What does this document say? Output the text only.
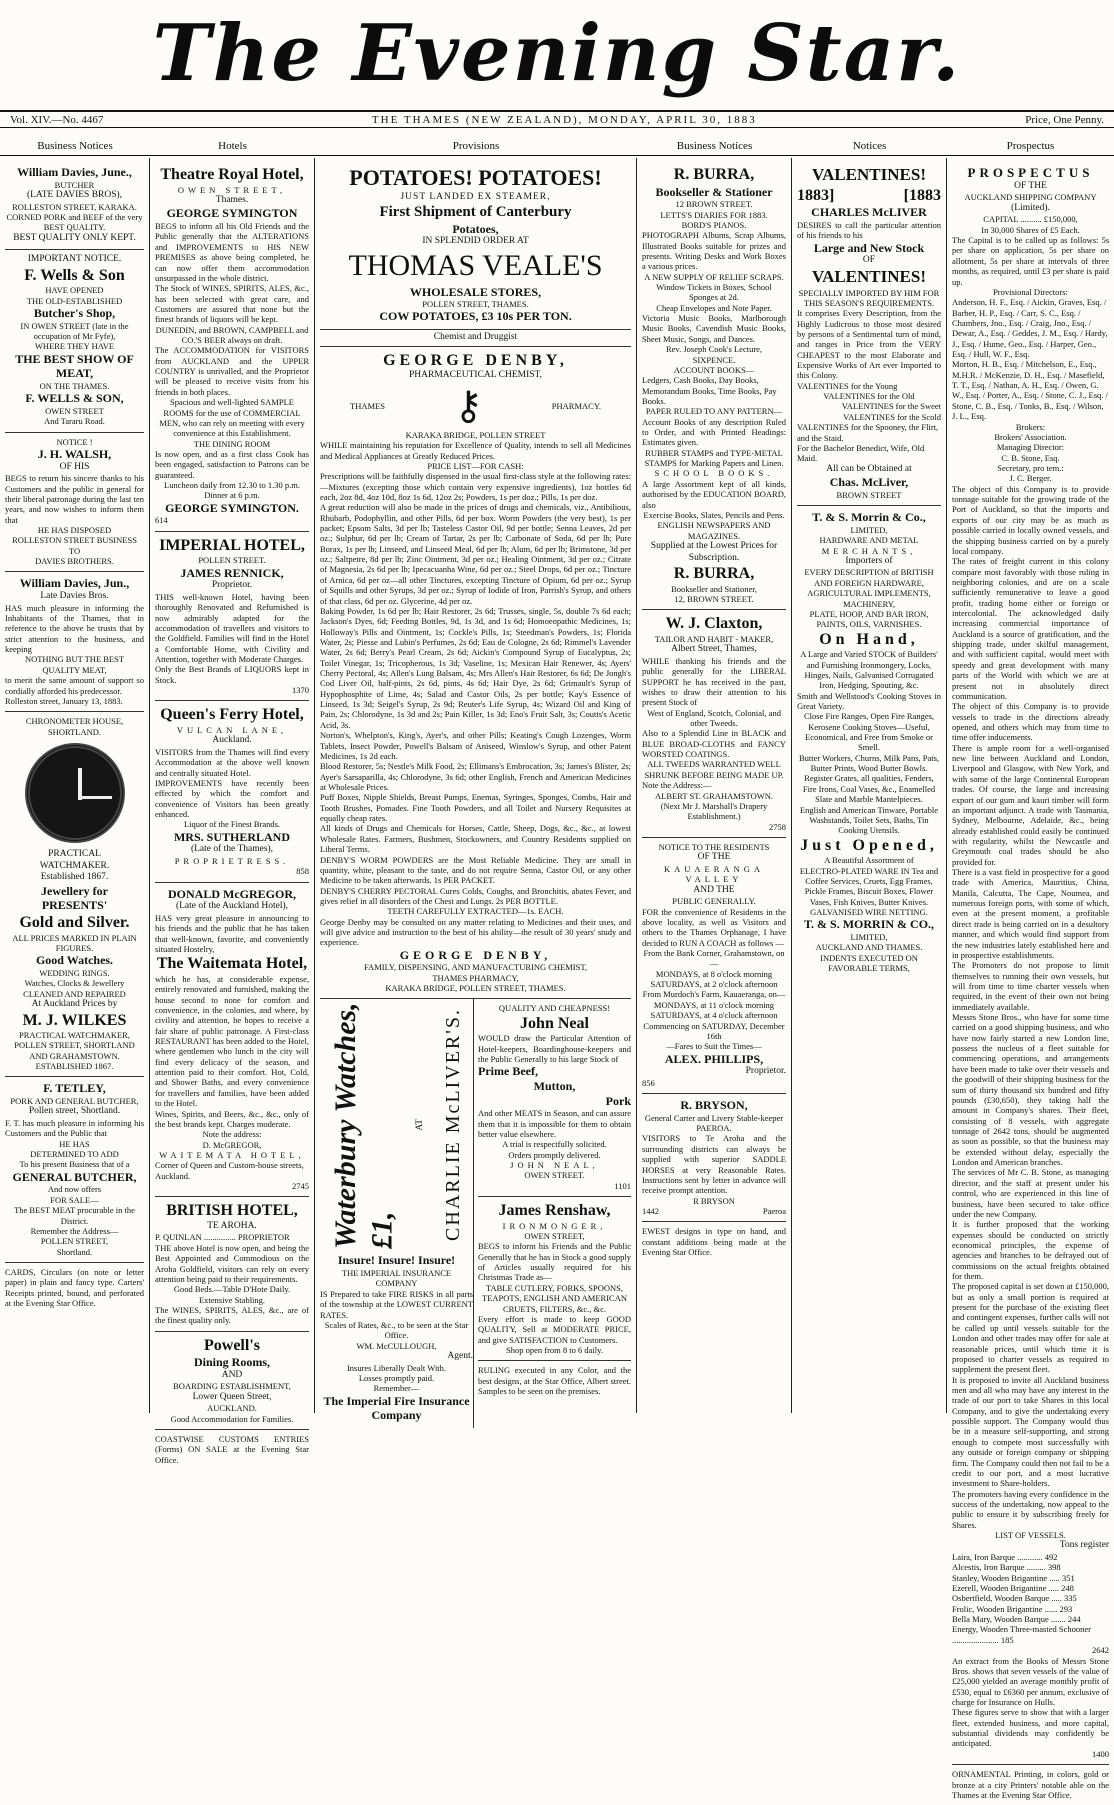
The Evening Star.
Vol. XIV.—No. 4467	THE THAMES (NEW ZEALAND), MONDAY, APRIL 30, 1883	Price, One Penny.
Business Notices	Hotels	Provisions	Business Notices	Notices	Prospectus
William Davies, June.,
BUTCHER
(LATE DAVIES BROS),
ROLLESTON STREET, KARAKA.
CORNED PORK and BEEF of the very BEST QUALITY.
BEST QUALITY ONLY KEPT.
IMPORTANT NOTICE.
F. Wells & Son
HAVE OPENED
THE OLD-ESTABLISHED
Butcher's Shop,
IN OWEN STREET (late in the occupation of Mr Fyfe),
WHERE THEY HAVE
THE BEST SHOW OF
MEAT,
ON THE THAMES.
F. WELLS & SON,
OWEN STREET
And Tararu Road.
NOTICE !
J. H. WALSH,
OF HIS
BEGS to return his sincere thanks to his Customers and the public in general for their liberal patronage during the last ten years, and now wishes to inform them that
HE HAS DISPOSED
ROLLESTON STREET BUSINESS
TO
DAVIES BROTHERS.
William Davies, Jun.,
Late Davies Bros.
HAS much pleasure in informing the Inhabitants of the Thames, that in reference to the above he trusts that by strict attention to the business, and keeping
NOTHING BUT THE BEST
QUALITY MEAT,
to merit the same amount of support so cordially afforded his predecessor.
Rolleston street, January 13, 1883.
CHRONOMETER HOUSE,
SHORTLAND.
PRACTICAL
WATCHMAKER.
Established 1867.
Jewellery for
PRESENTS'
Gold and Silver.
ALL PRICES MARKED IN PLAIN FIGURES.
Good Watches.
WEDDING RINGS.
Watches, Clocks & Jewellery
CLEANED AND REPAIRED
At Auckland Prices by
M. J. WILKES
PRACTICAL WATCHMAKER,
POLLEN STREET, SHORTLAND AND GRAHAMSTOWN.
ESTABLISHED 1867.
F. TETLEY,
PORK AND GENERAL BUTCHER,
Pollen street, Shortland.
F. T. has much pleasure in informing his Customers and the Public that
HE HAS
DETERMINED TO ADD
To his present Business that of a
GENERAL BUTCHER,
And now offers
FOR SALE—
The BEST MEAT procurable in the District.
Remember the Address—
POLLEN STREET,
Shortland.
CARDS, Circulars (on note or letter paper) in plain and fancy type. Carters' Receipts printed, bound, and perforated at the Evening Star Office.
Theatre Royal Hotel,
OWEN STREET,
Thames.
GEORGE SYMINGTON
BEGS to inform all his Old Friends and the Public generally that the ALTERATIONS and IMPROVEMENTS to HIS NEW PREMISES as above being completed, he can now offer them accommodation unsurpassed in the whole district.
The Stock of WINES, SPIRITS, ALES, &c., has been selected with great care, and Customers are assured that none but the finest brands of liquors will be kept.
DUNEDIN, and BROWN, CAMPBELL and CO.'S BEER always on draft.
The ACCOMMODATION for VISITORS from AUCKLAND and the UPPER COUNTRY is unrivalled, and the Proprietor will be pleased to receive visits from his friends in both places.
Spacious and well-lighted SAMPLE ROOMS for the use of COMMERCIAL MEN, who can rely on meeting with every convenience at this Establishment.
THE DINING ROOM
Is now open, and as a first class Cook has been engaged, satisfaction to Patrons can be guaranteed.
Luncheon daily from 12.30 to 1.30 p.m. Dinner at 6 p.m.
GEORGE SYMINGTON.
614
IMPERIAL HOTEL,
POLLEN STREET.
JAMES RENNICK,
Proprietor.
THIS well-known Hotel, having been thoroughly Renovated and Refurnished is now admirably adapted for the accommodation of travellers and visitors to the Goldfield. Families will find in the Hotel a Comfortable Home, with Civility and Attention, together with Moderate Charges.
Only the Best Brands of LIQUORS kept in Stock.
1370
Queen's Ferry Hotel,
VULCAN LANE,
Auckland.
VISITORS from the Thames will find every Accommodation at the above well known and centrally situated Hotel.
IMPROVEMENTS have recently been effected by which the comfort and convenience of Visitors has been greatly enhanced.
Liquor of the Finest Brands.
MRS. SUTHERLAND
(Late of the Thames),
PROPRIETRESS.
858
DONALD McGREGOR,
(Late of the Auckland Hotel),
HAS very great pleasure in announcing to his friends and the public that he has taken that well-known, favorite, and conveniently situated Hostelry,
The Waitemata Hotel,
which he has, at considerable expense, entirely renovated and furnished, making the house second to none for comfort and convenience, in the colonies, and where, by civility and attention, he hopes to receive a fair share of public patronage. A First-class RESTAURANT has been added to the Hotel, where gentlemen who lunch in the city will find every delicacy of the season, and attention paid to their comfort. Hot, Cold, and Shower Baths, and every convenience for travellers and families, have been added to the Hotel.
Wines, Spirits, and Beers, &c., &c., only of the best brands kept. Charges moderate.
Note the address:
D. McGREGOR,
WAITEMATA HOTEL,
Corner of Queen and Custom-house streets, Auckland.
2745
BRITISH HOTEL,
TE AROHA.
P. QUINLAN ............... PROPRIETOR
THE above Hotel is now open, and being the Best Appointed and Commodious on the Aroha Goldfield, visitors can rely on every attention being paid to their requirements.
Good Beds.—Table D'Hote Daily.
Extensive Stabling.
The WINES, SPIRITS, ALES, &c., are of the finest quality only.
Powell's
Dining Rooms,
AND
BOARDING ESTABLISHMENT,
Lower Queen Street,
AUCKLAND.
Good Accommodation for Families.
COASTWISE CUSTOMS ENTRIES (Forms) ON SALE at the Evening Star Office.
POTATOES! POTATOES!
JUST LANDED EX STEAMER,
First Shipment of Canterbury
Potatoes,
IN SPLENDID ORDER AT
THOMAS VEALE'S
WHOLESALE STORES,
POLLEN STREET, THAMES.
COW POTATOES, £3 10s PER TON.
Chemist and Druggist
GEORGE DENBY,
PHARMACEUTICAL CHEMIST,
THAMES ⚷	PHARMACY.
KARAKA BRIDGE, POLLEN STREET
WHILE maintaining his reputation for Excellence of Quality, intends to sell all Medicines and Medical Appliances at Greatly Reduced Prices.
PRICE LIST—FOR CASH:
Prescriptions will be faithfully dispensed in the usual first-class style at the following rates:—Mixtures (excepting those which contain very expensive ingredients), 1oz bottles 6d each, 2oz 8d, 4oz 10d, 8oz 1s 6d, 12oz 2s; Powders, 1s per doz.; Pills, 1s per doz.
A great reduction will also be made in the prices of drugs and chemicals, viz., Antibilious, Rhubarb, Podophyllin, and other Pills, 6d per box. Worm Powders (the very best), 1s per packet; Epsom Salts, 3d per lb; Tasteless Castor Oil, 9d per bottle; Senna Leaves, 2d per oz.; Sulphur, 6d per lb; Cream of Tartar, 2s per lb; Carbonate of Soda, 6d per lb; Pure Borax, 1s per lb; Linseed, and Linseed Meal, 6d per lb; Alum, 6d per lb; Brimstone, 3d per oz.; Saltpetre, 8d per lb; Zinc Ointment, 3d per oz.; Healing Ointment, 3d per oz.; Citrate of Magnesia, 2s 6d per lb; Ipecacuanha Wine, 6d per oz.; Steel Drops, 6d per oz.; Tincture of Arnica, 6d per oz—all other Tinctures, excepting Tincture of Opium, 6d per oz.; Syrup of Squills and other Syrups, 3d per oz.; Syrup of Iodide of Iron, Parrish's Syrup, and others of that class, 6d per oz. Glycerine, 4d per oz.
Baking Powder, 1s 6d per lb; Hair Restorer, 2s 6d; Trusses, single, 5s, double 7s 6d each; Jackson's Dyes, 6d; Feeding Bottles, 9d, 1s 3d, and 1s 6d; Homoeopathic Medicines, 1s; Holloway's Pills and Ointment, 1s; Cockle's Pills, 1s; Steedman's Powders, 1s; Florida Water, 2s; Piesse and Lubin's Perfumes, 2s 6d; Eau de Cologne, 2s 6d; Rimmel's Lavender Water, 2s 6d; Berry's Pearl Cream, 2s 6d; Aickin's Compound Syrup of Eucalyptus, 2s; Toilet Vinegar, 1s; Tricopherous, 1s 3d; Vaseline, 1s; Mexican Hair Renewer, 4s; Ayers' Cherry Pectoral, 4s; Allen's Lung Balsam, 4s; Mrs Allen's Hair Restorer, 6s 6d; De Jongh's Cod Liver Oil, half-pints, 2s 6d, pints, 4s 6d; Hair Dye, 2s 6d; Grimault's Syrup of Hypophosphite of Lime, 4s; Salad and Castor Oils, 2s per bottle; Kay's Essence of Linseed, 1s 3d; Seigel's Syrup, 2s 9d; Reuter's Life Syrup, 4s; Wizard Oil and King of Pain, 2s; Chlorodyne, 1s 3d and 2s; Pain Killer, 1s 3d; Eno's Fruit Salt, 3s; Coutts's Acetic Acid, 3s.
Norton's, Whelpton's, King's, Ayer's, and other Pills; Keating's Cough Lozenges, Worm Tablets, Insect Powder, Powell's Balsam of Aniseed, Winslow's Syrup, and other Patent Medicines, 1s 2d each.
Blood Restorer, 5s; Nestle's Milk Food, 2s; Ellimans's Embrocation, 3s; James's Blister, 2s; Ayer's Sarsaparilla, 4s; Chlorodyne, 3s 6d; other English, French and American Medicines at Wholesale Prices.
Puff Boxes, Nipple Shields, Breast Pumps, Enemas, Syringes, Sponges, Combs, Hair and Tooth Brushes, Pomades. Fine Tooth Powders, and all Toilet and Nursery Requisites at equally cheap rates.
All kinds of Drugs and Chemicals for Horses, Cattle, Sheep, Dogs, &c., &c., at lowest Wholesale Rates. Farmers, Bushmen, Stockowners, and Country Residents supplied on Liberal Terms.
DENBY'S WORM POWDERS are the Most Reliable Medicine. They are small in quantity, white, pleasant to the taste, and do not require Senna, Castor Oil, or any other Medicine to be taken afterwards. 1s PER PACKET.
DENBY'S CHERRY PECTORAL Cures Colds, Coughs, and Bronchitis, abates Fever, and gives relief in all disorders of the Chest and Lungs. 2s PER BOTTLE.
TEETH CAREFULLY EXTRACTED—1s. EACH.
George Denby may be consulted on any matter relating to Medicines and their uses, and will give advice and instruction to the best of his ability—the result of 30 years' study and experience.
GEORGE DENBY,
FAMILY, DISPENSING, AND MANUFACTURING CHEMIST,
THAMES PHARMACY,
KARAKA BRIDGE, POLLEN STREET, THAMES.
Waterbury Watches, £1,
AT CHARLIE McLIVER'S.
Insure! Insure! Insure!
THE IMPERIAL INSURANCE COMPANY
IS Prepared to take FIRE RISKS in all parts of the township at the LOWEST CURRENT RATES.
Scales of Rates, &c., to be seen at the Star Office.
WM. McCULLOUGH,
Agent.
Insures Liberally Dealt With.
Losses promptly paid.
Remember—
The Imperial Fire Insurance Company
QUALITY AND CHEAPNESS!
John Neal
WOULD draw the Particular Attention of Hotel-keepers, Boardinghouse-keepers and the Public Generally to his large Stock of
Prime Beef,
Mutton,
Pork
And other MEATS in Season, and can assure them that it is impossible for them to obtain better value elsewhere.
A trial is respectfully solicited.
Orders promptly delivered.
JOHN NEAL,
OWEN STREET.
1101
James Renshaw,
IRONMONGER,
OWEN STREET,
BEGS to inform his Friends and the Public Generally that he has in Stock a good supply of Articles usually required for his Christmas Trade as—
TABLE CUTLERY, FORKS, SPOONS, TEAPOTS, ENGLISH AND AMERICAN CRUETS, FILTERS, &c., &c.
Every effort is made to keep GOOD QUALITY, Sell at MODERATE PRICE, and give SATISFACTION to Customers.
Shop open from 8 to 6 daily.
RULING executed in any Color, and the best designs, at the Star Office, Albert street. Samples to be seen on the premises.
R. BURRA,
Bookseller & Stationer
12 BROWN STREET.
LETTS'S DIARIES FOR 1883.
BORD'S PIANOS.
PHOTOGRAPH Albums, Scrap Albums, Illustrated Books suitable for prizes and presents. Writing Desks and Work Boxes a various prices.
A NEW SUPPLY OF RELIEF SCRAPS.
Window Tickets in Boxes, School Sponges at 2d.
Cheap Envelopes and Note Paper.
Victoria Music Books, Marlborough Music Books, Cavendish Music Books, Sheet Music, Songs, and Dances.
Rev. Joseph Cook's Lecture,
SIXPENCE.
ACCOUNT BOOKS—
Ledgers, Cash Books, Day Books, Memorandum Books, Time Books, Pay Books.
PAPER RULED TO ANY PATTERN—
Account Books of any description Ruled to Order, and with Printed Headings: Estimates given.
RUBBER STAMPS and TYPE-METAL STAMPS for Marking Papers and Linen.
SCHOOL BOOKS.
A large Assortment kept of all kinds, authorised by the EDUCATION BOARD, also
Exercise Books, Slates, Pencils and Pens.
ENGLISH NEWSPAPERS AND MAGAZINES.
Supplied at the Lowest Prices for Subscription.
R. BURRA,
Bookseller and Stationer,
12, BROWN STREET.
W. J. Claxton,
TAILOR AND HABIT - MAKER,
Albert Street, Thames,
WHILE thanking his friends and the public generally for the LIBERAL SUPPORT he has received in the past, wishes to draw their attention to his present Stock of
West of England, Scotch, Colonial, and other Tweeds.
Also to a Splendid Line in BLACK and BLUE BROAD-CLOTHS and FANCY WORSTED COATINGS.
ALL TWEEDS WARRANTED WELL SHRUNK BEFORE BEING MADE UP.
Note the Address:—
ALBERT ST. GRAHAMSTOWN.
(Next Mr J. Marshall's Drapery Establishment.)
2758
NOTICE TO THE RESIDENTS
OF THE
KAUAERANGA VALLEY
AND THE
PUBLIC GENERALLY.
FOR the convenience of Residents in the above locality, as well as Visitors and others to the Thames Orphanage, I have decided to RUN A COACH as follows —
From the Bank Corner, Grahamstown, on—
MONDAYS, at 8 o'clock morning
SATURDAYS, at 2 o'clock afternoon
From Murdoch's Farm, Kauaeranga, on—
MONDAYS, at 11 o'clock morning
SATURDAYS, at 4 o'clock afternoon
Commencing on SATURDAY, December 16th
—Fares to Suit the Times—
ALEX. PHILLIPS,
Proprietor.
856
R. BRYSON,
General Carter and Livery Stable-keeper
PAEROA.
VISITORS to Te Aroha and the surrounding districts can always be supplied with superior SADDLE HORSES at very Reasonable Rates. Instructions sent by letter in advance will receive prompt attention.
R BRYSON
1442	Paeroa
EWEST designs in type on hand, and constant additions being made at the Evening Star Office.
VALENTINES!
1883]	[1883
CHARLES McLIVER
DESIRES to call the particular attention of his friends to his
Large and New Stock
OF
VALENTINES!
SPECIALLY IMPORTED BY HIM FOR THIS SEASON'S REQUIREMENTS.
It comprises Every Description, from the Highly Ludicrous to those most desired by persons of a Sentimental turn of mind, and ranges in Price from the VERY CHEAPEST to the most Elaborate and Expensive Works of Art ever Imported to this Colony.
VALENTINES for the Young
VALENTINES for the Old
VALENTINES for the Sweet
VALENTINES for the Scold
VALENTINES for the Spooney, the Flirt, and the Staid.
For the Bachelor Benedict, Wife, Old Maid.
All can be Obtained at
Chas. McLiver,
BROWN STREET
T. & S. Morrin & Co.,
LIMITED,
HARDWARE AND METAL
MERCHANTS,
Importers of
EVERY DESCRIPTION of BRITISH AND FOREIGN HARDWARE, AGRICULTURAL IMPLEMENTS, MACHINERY,
PLATE, HOOP, AND BAR IRON, PAINTS, OILS, VARNISHES.
On Hand,
A Large and Varied STOCK of Builders' and Furnishing Ironmongery, Locks, Hinges, Nails, Galvanised Corrugated Iron, Hedging, Spouting, &c.
Smith and Wellstood's Cooking Stoves in Great Variety.
Close Fire Ranges, Open Fire Ranges, Kerosene Cooking Stoves—Useful, Economical, and Free from Smoke or Smell.
Butter Workers, Churns, Milk Pans, Pats, Butter Prints, Wood Butter Bowls.
Register Grates, all qualities, Fenders, Fire Irons, Coal Vases, &c., Enamelled Slate and Marble Mantelpieces.
English and American Tinware, Portable Washstands, Toilet Sets, Baths, Tin Cooking Utensils.
Just Opened,
A Beautiful Assortment of
ELECTRO-PLATED WARE IN Tea and Coffee Services, Cruets, Egg Frames, Pickle Frames, Biscuit Boxes, Flower Vases, Fish Knives, Butter Knives.
GALVANISED WIRE NETTING.
T. & S. MORRIN & CO.,
LIMITED,
AUCKLAND AND THAMES.
INDENTS EXECUTED ON FAVORABLE TERMS,
PROSPECTUS
OF THE
AUCKLAND SHIPPING COMPANY
(Limited).
CAPITAL .......... £150,000,
In 30,000 Shares of £5 Each.
The Capital is to be called up as follows: 5s per share on application, 5s per share on allotment, 5s per share at intervals of three months, as required, until £3 per share is paid up.
Provisional Directors:
Anderson, H. F., Esq. / Aickin, Graves, Esq. / Barber, H. P., Esq. / Carr, S. C., Esq. / Chambers, Jno., Esq. / Craig, Jno., Esq. / Dewar, A., Esq. / Geddes, J. M., Esq. / Hardy, J., Esq. / Hume, Geo., Esq. / Harper, Geo., Esq. / Hull, W. F., Esq.
Morton, H. B., Esq. / Mitchelson, E., Esq., M.H.R. / McKenzie, D. H., Esq. / Masefield, T. T., Esq. / Nathan, A. H., Esq. / Owen, G. W., Esq. / Porter, A., Esq. / Stone, C. J., Esq. / Stone, C. B., Esq. / Tonks, B., Esq. / Wilson, J. L., Esq.
Brokers:
Brokers' Association.
Managing Director:
C. B. Stone, Esq.
Secretary, pro tem.:
J. C. Berger.
The object of this Company is to provide tonnage suitable for the growing trade of the Port of Auckland, so that the imports and exports of our city may be as much as possible carried in locally owned vessels, and the shipping business carried on by a purely local company.
The rates of freight current in this colony compare most favorably with those ruling in neighboring colonies, and are on a scale sufficiently remunerative to leave a good profit, trading home either or foreign or intercolonial. The acknowledged daily increasing commercial importance of Auckland is a source of gratification, and the shipping trade, under skilful management, and with sufficient capital, would meet with speedy and great development with many parts of the World with which we are at present not in absolutely direct communication.
The object of this Company is to provide vessels to trade in the directions already opened, and others which may from time to time offer inducements.
There is ample room for a well-organised new line between Auckland and London, Liverpool and Glasgow, with New York, and with some of the large Continental European trades. Of course, the large and increasing export of our gum and kauri timber will form an important adjunct. A trade with Tasmania, Sydney, Melbourne, Adelaide, &c., being already established could easily be continued with regularity, whilst the Newcastle and Greymouth coal trades should be also provided for.
There is a vast field in prospective for a good trade with America, Mauritius, China, Manila, Calcutta, The Cape, Noumea, and numerous foreign ports, with some of which, even at the present moment, a profitable direct trade is being carried on in a desultory manner, and which would find support from the new industries lately established here and in prospective establishments.
The Promoters do not propose to limit themselves to running their own vessels, but will from time to time charter vessels when required, in the event of their own not being immediately available.
Messrs Stone Bros., who have for some time carried on a good shipping business, and who have now fairly started a new London line, possess the nucleus of a fleet suitable for commencing operations, and arrangements have been made to take over their vessels and the goodwill of their shipping business for the sum of thirty thousand six hundred and fifty pounds (£30,650), they taking half the amount in Company's shares. Their fleet, consisting of 8 vessels, with aggregate tonnage of 2642 tons, should be augmented as soon as possible, so that the business may be extended without delay, especially the London and American branches.
The services of Mr C. B. Stone, as managing director, and the staff at present under his control, who are experienced in this line of business, have been secured to take office under the new Company.
It is further proposed that the working expenses should be conducted on strictly economical principles, the expense of agencies and branches to be defrayed out of commissions on the actual freights obtained for them.
The proposed capital is set down at £150,000, but as only a small portion is required at present for the purchase of the existing fleet and contingent expenses, further calls will not be called up until vessels suitable for the London and other trades may offer for sale at reasonable prices, until which time it is proposed to charter vessels as required to supplement the present fleet.
It is proposed to invite all Auckland business men and all who may have any interest in the trade of our port to take Shares in this local Company, and to give the undertaking every possible support. The Company would thus be in a measure self-supporting, and strong enough to compete most successfully with any outside or foreign company or shipping firm. The Company could then not fail to be a credit to our port, and a most lucrative investment to Share-holders.
The promoters having every confidence in the success of the undertaking, now appeal to the public to ensure it by subscribing freely for Shares.
LIST OF VESSELS.
Tons register
Laira, Iron Barque ............ 492
Alcestis, Iron Barque ......... 398
Stanley, Wooden Brigantine ..... 351
Ezerell, Wooden Brigantine ..... 248
Osbertfield, Wooden Barque ..... 335
Frolic, Wooden Brigantine ...... 293
Bella Mary, Wooden Barque ....... 244
Energy, Wooden Three-masted Schooner ...................... 185
2642
An extract from the Books of Messrs Stone Bros. shows that seven vessels of the value of £25,000 yielded an average monthly profit of £530, equal to £6360 per annum, exclusive of charge for Insurance on Hulls.
These figures serve to show that with a larger fleet, extended business, and more capital, substantial dividends may confidently be anticipated.
1400
ORNAMENTAL Printing, in colors, gold or bronze at a city Printers' notable able on the Thames at the Evening Star Office.
